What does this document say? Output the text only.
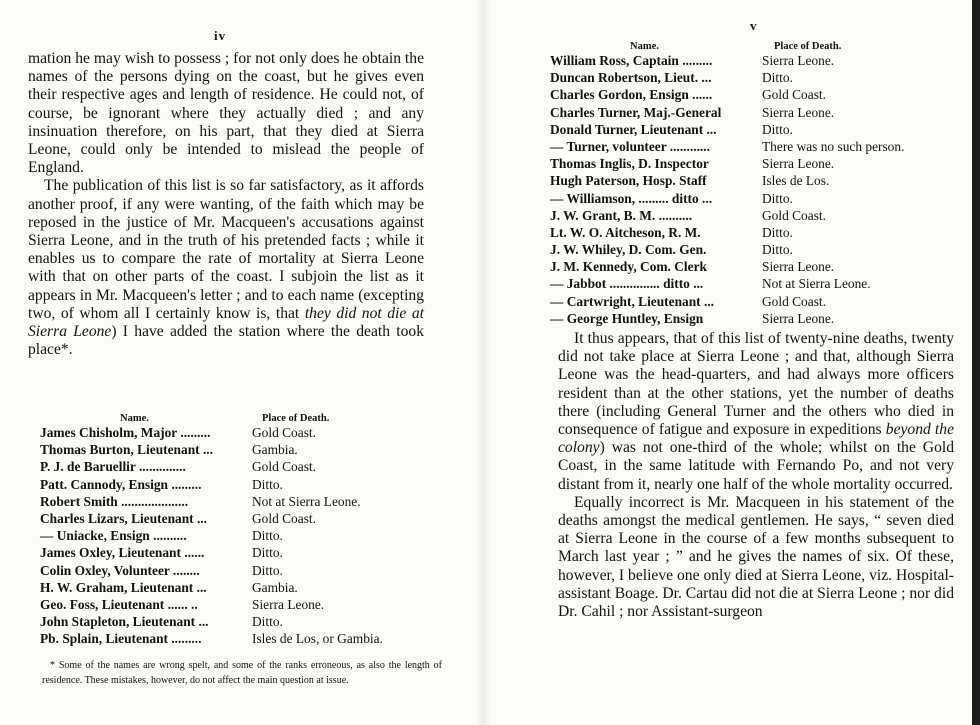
iv

mation he may wish to possess ; for not only does he obtain the names of the persons dying on the coast, but he gives even their respective ages and length of residence. He could not, of course, be ignorant where they actually died ; and any insinuation therefore, on his part, that they died at Sierra Leone, could only be intended to mislead the people of England.

The publication of this list is so far satisfactory, as it affords another proof, if any were wanting, of the faith which may be reposed in the justice of Mr. Macqueen's accusations against Sierra Leone, and in the truth of his pretended facts ; while it enables us to compare the rate of mortality at Sierra Leone with that on other parts of the coast. I subjoin the list as it appears in Mr. Macqueen's letter ; and to each name (excepting two, of whom all I certainly know is, that they did not die at Sierra Leone) I have added the station where the death took place*.

Name.	Place of Death.
James Chisholm, Major .........	Gold Coast.
Thomas Burton, Lieutenant ...	Gambia.
P. J. de Baruellir ..............	Gold Coast.
Patt. Cannody, Ensign .........	Ditto.
Robert Smith ....................	Not at Sierra Leone.
Charles Lizars, Lieutenant ...	Gold Coast.
— Uniacke, Ensign ..........	Ditto.
James Oxley, Lieutenant ......	Ditto.
Colin Oxley, Volunteer ........	Ditto.
H. W. Graham, Lieutenant ...	Gambia.
Geo. Foss, Lieutenant ...... ..	Sierra Leone.
John Stapleton, Lieutenant ...	Ditto.
Pb. Splain, Lieutenant .........	Isles de Los, or Gambia.

* Some of the names are wrong spelt, and some of the ranks erroneous, as also the length of residence. These mistakes, however, do not affect the main question at issue.

v
Name.	Place of Death.
William Ross, Captain .........	Sierra Leone.
Duncan Robertson, Lieut. ...	Ditto.
Charles Gordon, Ensign ......	Gold Coast.
Charles Turner, Maj.-General	Sierra Leone.
Donald Turner, Lieutenant ...	Ditto.
— Turner, volunteer ............	There was no such person.
Thomas Inglis, D. Inspector	Sierra Leone.
Hugh Paterson, Hosp. Staff	Isles de Los.
— Williamson, ......... ditto ...	Ditto.
J. W. Grant, B. M. ..........	Gold Coast.
Lt. W. O. Aitcheson, R. M.	Ditto.
J. W. Whiley, D. Com. Gen.	Ditto.
J. M. Kennedy, Com. Clerk	Sierra Leone.
— Jabbot ............... ditto ...	Not at Sierra Leone.
— Cartwright, Lieutenant ...	Gold Coast.
— George Huntley, Ensign	Sierra Leone.

It thus appears, that of this list of twenty-nine deaths, twenty did not take place at Sierra Leone ; and that, although Sierra Leone was the head-quarters, and had always more officers resident than at the other stations, yet the number of deaths there (including General Turner and the others who died in consequence of fatigue and exposure in expeditions beyond the colony) was not one-third of the whole; whilst on the Gold Coast, in the same latitude with Fernando Po, and not very distant from it, nearly one half of the whole mortality occurred.

Equally incorrect is Mr. Macqueen in his statement of the deaths amongst the medical gentlemen. He says, “ seven died at Sierra Leone in the course of a few months subsequent to March last year ; ” and he gives the names of six. Of these, however, I believe one only died at Sierra Leone, viz. Hospital-assistant Boage. Dr. Cartau did not die at Sierra Leone ; nor did Dr. Cahil ; nor Assistant-surgeon
